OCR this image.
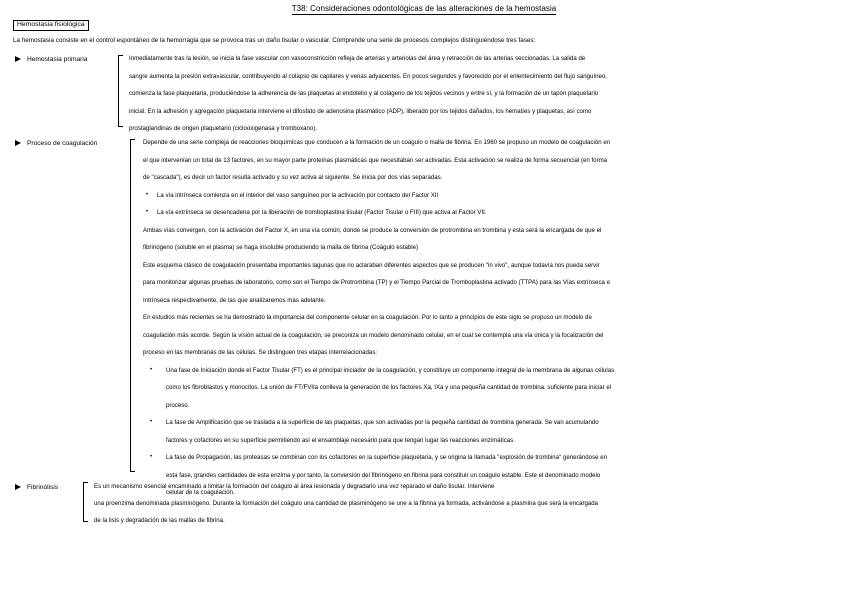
T38: Consideraciones odontológicas de las alteraciones de la hemostasia
Hemostasia fisiológica
La hemostasia consiste en el control espontáneo de la hemorragia que se provoca tras un daño tisular o vascular. Comprende una serie de procesos complejos distinguiéndose tres fases:
Hemostasia primaria	Inmediatamente tras la lesión, se inicia la fase vascular con vasoconstricción refleja de arterias y arteriolas del área y retracción de las arterias seccionadas. La salida de
sangre aumenta la presión extravascular, contribuyendo al colapso de capilares y venas adyacentes. En pocos segundos y favorecido por el enlentecimiento del flujo sanguíneo,
comienza la fase plaquetaria, produciéndose la adherencia de las plaquetas al endotelio y al colágeno de los tejidos vecinos y entre sí, y la formación de un tapón plaquetario
inicial. En la adhesión y agregación plaquetaria interviene el difosfato de adenosina plasmático (ADP), liberado por los tejidos dañados, los hematíes y plaquetas, así como
prostaglandinas de origen plaquetario (ciclooxigenasa y tromboxano).
Proceso de coagulación	Depende de una serie compleja de reacciones bioquímicas que conducen a la formación de un coágulo o malla de fibrina. En 1960 se propuso un modelo de coagulación en
el que intervenían un total de 13 factores, en su mayor parte proteínas plasmáticas que necesitaban ser activadas. Esta activación se realiza de forma secuencial (en forma
de "cascada"), es decir un factor resulta activado y su vez activa al siguiente. Se inicia por dos vías separadas.
• La vía intrínseca comienza en el interior del vaso sanguíneo por la activación por contacto del Factor XII
• La vía extrínseca se desencadena por la liberación de tromboplastina tisular (Factor Tisular o FIII) que activa al Factor VII.
Ambas vías convergen, con la activación del Factor X, en una vía común, donde se produce la conversión de protrombina en trombina y esta será la encargada de que el
fibrinógeno (soluble en el plasma) se haga insoluble produciendo la malla de fibrina (Coágulo estable)
Este esquema clásico de coagulación presentaba importantes lagunas que no aclaraban diferentes aspectos que se producen "in vivo", aunque todavía nos pueda servir
para monitorizar algunas pruebas de laboratorio, como son el Tiempo de Protrombina (TP) y el Tiempo Parcial de Tromboplastina activado (TTPA) para las Vías extrínseca e
Intrínseca respectivamente, de las que analizaremos más adelante.
En estudios más recientes se ha demostrado la importancia del componente celular en la coagulación. Por lo tanto a principios de este siglo se propuso un modelo de
coagulación más acorde. Según la visión actual de la coagulación, se preconiza un modelo denominado celular, en el cual se contempla una vía única y la focalización del
proceso en las membranas de las células. Se distinguen tres etapas interrelacionadas:
• Una fase de Iniciación donde el Factor Tisular (FT) es el principal iniciador de la coagulación, y constituye un componente integral de la membrana de algunas células
como los fibroblastos y monocitos. La unión de FT/FVIIa conlleva la generación de los factores Xa, IXa y una pequeña cantidad de trombina, suficiente para iniciar el
proceso.
• La fase de Amplificación que se traslada a la superficie de las plaquetas, que son activadas por la pequeña cantidad de trombina generada. Se van acumulando
factores y cofactores en su superficie permitiendo así el ensamblaje necesario para que tengan lugar las reacciones enzimáticas.
• La fase de Propagación, las proteasas se combinan con los cofactores en la superficie plaquetaria, y se origina la llamada "explosión de trombina" generándose en
esta fase, grandes cantidades de esta enzima y por tanto, la conversión del fibrinógeno en fibrina para constituir un coágulo estable. Este el denominado modelo
celular de la coagulación.
Fibrinólisis	Es un mecanismo esencial encaminado a limitar la formación del coágulo al área lesionada y degradarlo una vez reparado el daño tisular. Interviene
una proenzima denominada plasminógeno. Durante la formación del coágulo una cantidad de plasminógeno se une a la fibrina ya formada, activándose a plasmina que será la encargada
de la lisis y degradación de las mallas de fibrina.
